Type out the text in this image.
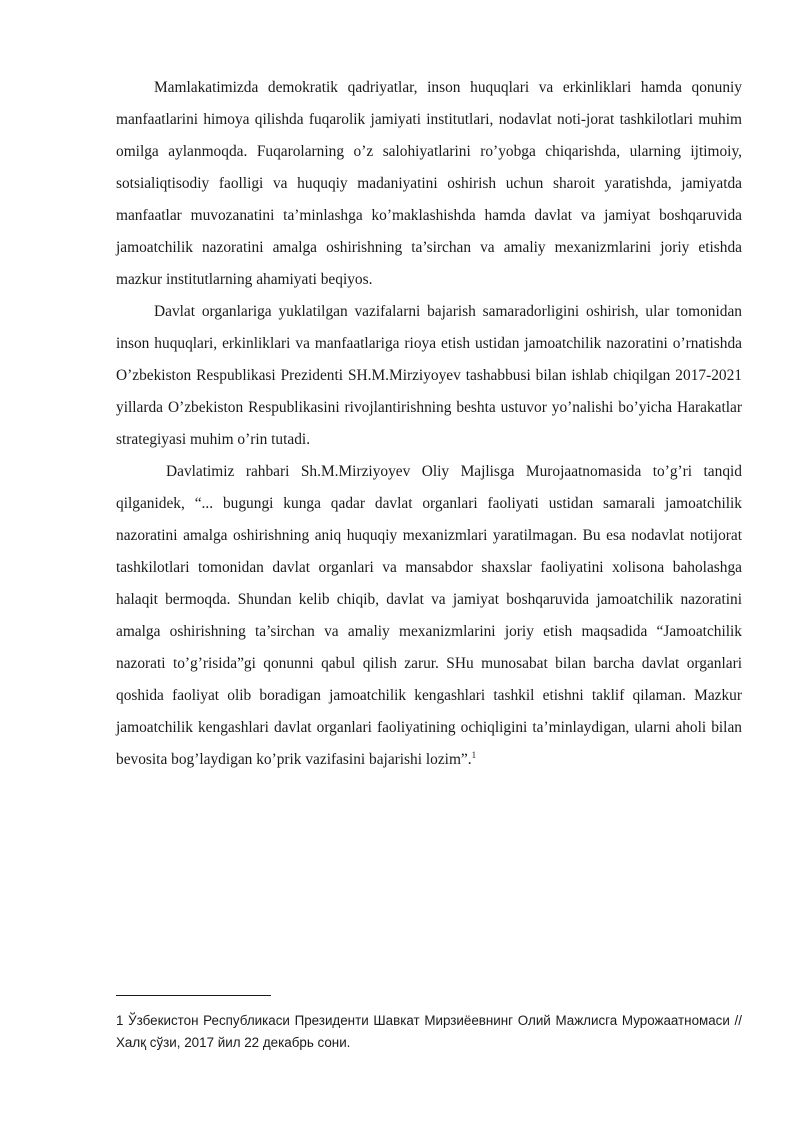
Mamlakatimizda demokratik qadriyatlar, inson huquqlari va erkinliklari hamda qonuniy manfaatlarini himoya qilishda fuqarolik jamiyati institutlari, nodavlat noti-jorat tashkilotlari muhim omilga aylanmoqda. Fuqarolarning o’z salohiyatlarini ro’yobga chiqarishda, ularning ijtimoiy, sotsialiqtisodiy faolligi va huquqiy madaniyatini oshirish uchun sharoit yaratishda, jamiyatda manfaatlar muvozanatini ta’minlashga ko’maklashishda hamda davlat va jamiyat boshqaruvida jamoatchilik nazoratini amalga oshirishning ta’sirchan va amaliy mexanizmlarini joriy etishda mazkur institutlarning ahamiyati beqiyos.

Davlat organlariga yuklatilgan vazifalarni bajarish samaradorligini oshirish, ular tomonidan inson huquqlari, erkinliklari va manfaatlariga rioya etish ustidan jamoatchilik nazoratini o’rnatishda O’zbekiston Respublikasi Prezidenti SH.M.Mirziyoyev tashabbusi bilan ishlab chiqilgan 2017-2021 yillarda O’zbekiston Respublikasini rivojlantirishning beshta ustuvor yo’nalishi bo’yicha Harakatlar strategiyasi muhim o’rin tutadi.

Davlatimiz rahbari Sh.M.Mirziyoyev Oliy Majlisga Murojaatnomasida to’g’ri tanqid qilganidek, “... bugungi kunga qadar davlat organlari faoliyati ustidan samarali jamoatchilik nazoratini amalga oshirishning aniq huquqiy mexanizmlari yaratilmagan. Bu esa nodavlat notijorat tashkilotlari tomonidan davlat organlari va mansabdor shaxslar faoliyatini xolisona baholashga halaqit bermoqda. Shundan kelib chiqib, davlat va jamiyat boshqaruvida jamoatchilik nazoratini amalga oshirishning ta’sirchan va amaliy mexanizmlarini joriy etish maqsadida “Jamoatchilik nazorati to’g’risida”gi qonunni qabul qilish zarur. SHu munosabat bilan barcha davlat organlari qoshida faoliyat olib boradigan jamoatchilik kengashlari tashkil etishni taklif qilaman. Mazkur jamoatchilik kengashlari davlat organlari faoliyatining ochiqligini ta’minlaydigan, ularni aholi bilan bevosita bog’laydigan ko’prik vazifasini bajarishi lozim”.$^1$

1 Ўзбекистон Республикаси Президенти Шавкат Мирзиёевнинг Олий Мажлисга Мурожаатномаси // Халқ сўзи, 2017 йил 22 декабрь сони.
